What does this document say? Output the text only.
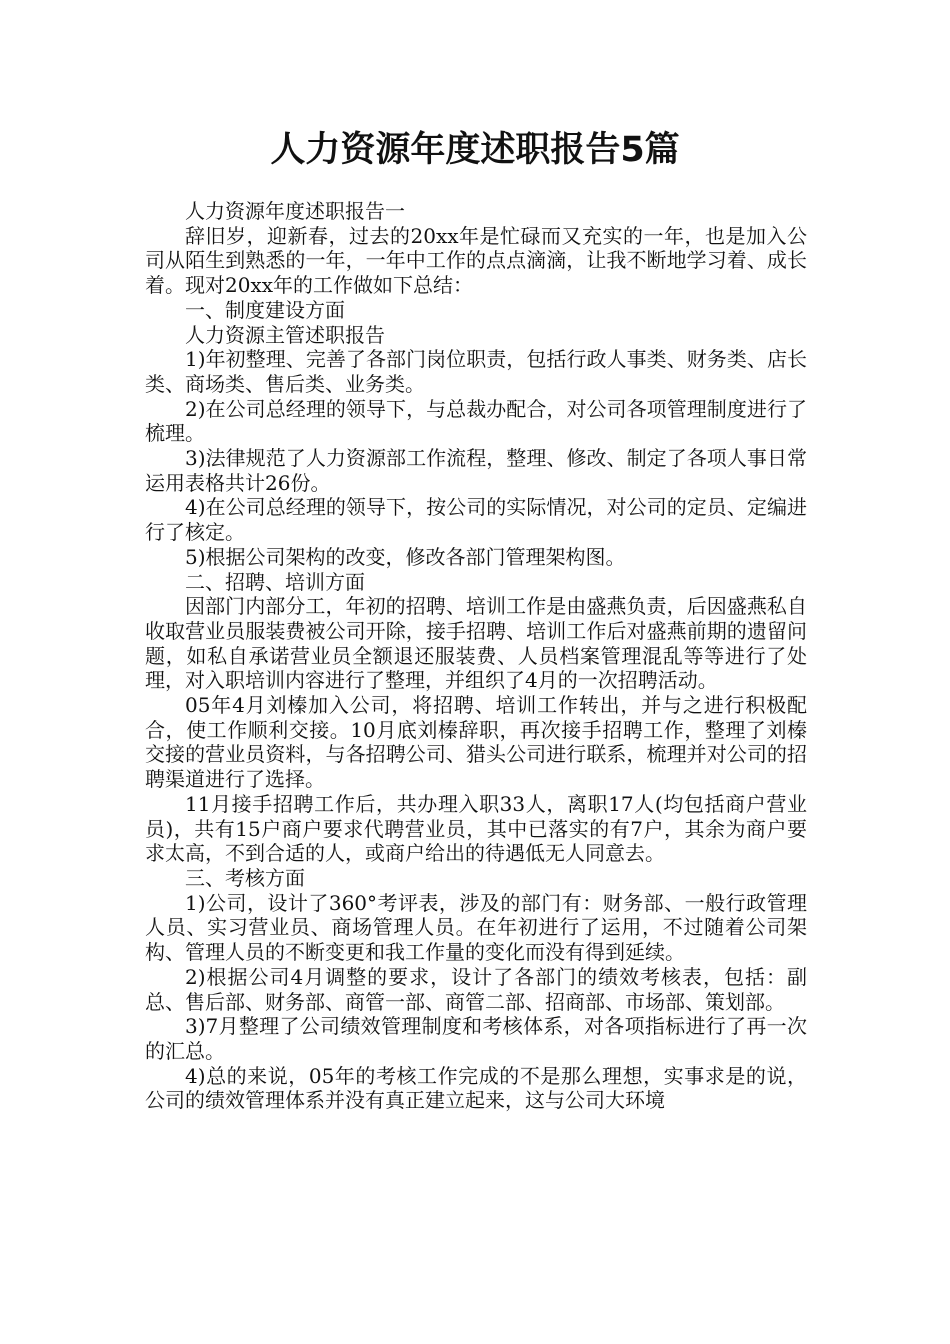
人力资源年度述职报告5篇

人力资源年度述职报告一

辞旧岁，迎新春，过去的20xx年是忙碌而又充实的一年，也是加入公司从陌生到熟悉的一年，一年中工作的点点滴滴，让我不断地学习着、成长着。现对20xx年的工作做如下总结：

一、制度建设方面

人力资源主管述职报告

1)年初整理、完善了各部门岗位职责，包括行政人事类、财务类、店长类、商场类、售后类、业务类。

2)在公司总经理的领导下，与总裁办配合，对公司各项管理制度进行了梳理。

3)法律规范了人力资源部工作流程，整理、修改、制定了各项人事日常运用表格共计26份。

4)在公司总经理的领导下，按公司的实际情况，对公司的定员、定编进行了核定。

5)根据公司架构的改变，修改各部门管理架构图。

二、招聘、培训方面

因部门内部分工，年初的招聘、培训工作是由盛燕负责，后因盛燕私自收取营业员服装费被公司开除，接手招聘、培训工作后对盛燕前期的遗留问题，如私自承诺营业员全额退还服装费、人员档案管理混乱等等进行了处理，对入职培训内容进行了整理，并组织了4月的一次招聘活动。

05年4月刘榛加入公司，将招聘、培训工作转出，并与之进行积极配合，使工作顺利交接。10月底刘榛辞职，再次接手招聘工作，整理了刘榛交接的营业员资料，与各招聘公司、猎头公司进行联系，梳理并对公司的招聘渠道进行了选择。

11月接手招聘工作后，共办理入职33人，离职17人(均包括商户营业员)，共有15户商户要求代聘营业员，其中已落实的有7户，其余为商户要求太高，不到合适的人，或商户给出的待遇低无人同意去。

三、考核方面

1)公司，设计了360°考评表，涉及的部门有：财务部、一般行政管理人员、实习营业员、商场管理人员。在年初进行了运用，不过随着公司架构、管理人员的不断变更和我工作量的变化而没有得到延续。

2)根据公司4月调整的要求，设计了各部门的绩效考核表，包括：副总、售后部、财务部、商管一部、商管二部、招商部、市场部、策划部。

3)7月整理了公司绩效管理制度和考核体系，对各项指标进行了再一次的汇总。

4)总的来说，05年的考核工作完成的不是那么理想，实事求是的说，公司的绩效管理体系并没有真正建立起来，这与公司大环境
